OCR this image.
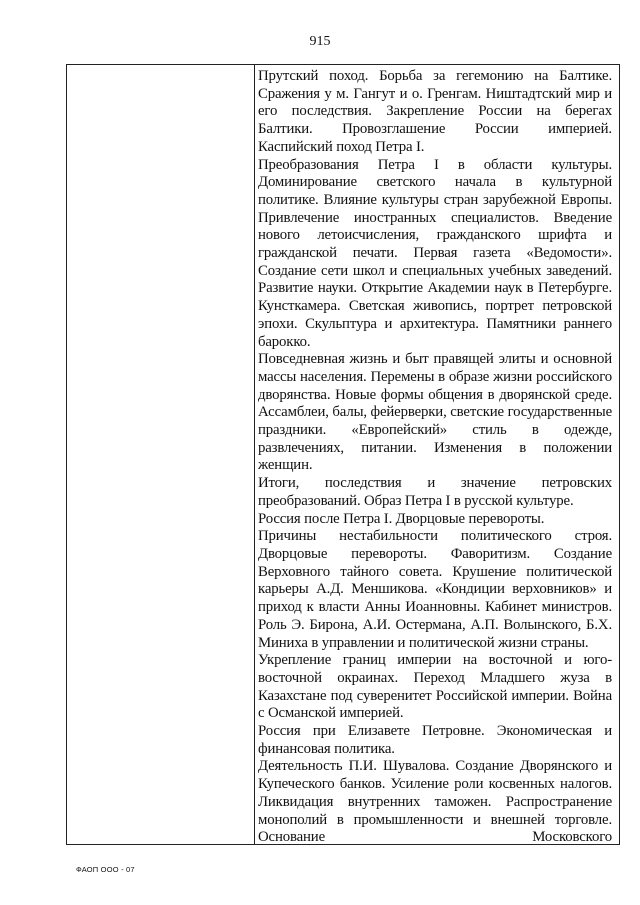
915

Прутский поход. Борьба за гегемонию на Балтике. Сражения у м. Гангут и о. Гренгам. Ништадтский мир и его последствия. Закрепление России на берегах Балтики. Провозглашение России империей. Каспийский поход Петра I.

Преобразования Петра I в области культуры. Доминирование светского начала в культурной политике. Влияние культуры стран зарубежной Европы. Привлечение иностранных специалистов. Введение нового летоисчисления, гражданского шрифта и гражданской печати. Первая газета «Ведомости». Создание сети школ и специальных учебных заведений. Развитие науки. Открытие Академии наук в Петербурге. Кунсткамера. Светская живопись, портрет петровской эпохи. Скульптура и архитектура. Памятники раннего барокко.

Повседневная жизнь и быт правящей элиты и основной массы населения. Перемены в образе жизни российского дворянства. Новые формы общения в дворянской среде. Ассамблеи, балы, фейерверки, светские государственные праздники. «Европейский» стиль в одежде, развлечениях, питании. Изменения в положении женщин.

Итоги, последствия и значение петровских преобразований. Образ Петра I в русской культуре.

Россия после Петра I. Дворцовые перевороты.

Причины нестабильности политического строя. Дворцовые перевороты. Фаворитизм. Создание Верховного тайного совета. Крушение политической карьеры А.Д. Меншикова. «Кондиции верховников» и приход к власти Анны Иоанновны. Кабинет министров. Роль Э. Бирона, А.И. Остермана, А.П. Волынского, Б.Х. Миниха в управлении и политической жизни страны.

Укрепление границ империи на восточной и юго-восточной окраинах. Переход Младшего жуза в Казахстане под суверенитет Российской империи. Война с Османской империей.

Россия при Елизавете Петровне. Экономическая и финансовая политика.

Деятельность П.И. Шувалова. Создание Дворянского и Купеческого банков. Усиление роли косвенных налогов. Ликвидация внутренних таможен. Распространение монополий в промышленности и внешней торговле. Основание Московского

ФАОП ООО - 07
